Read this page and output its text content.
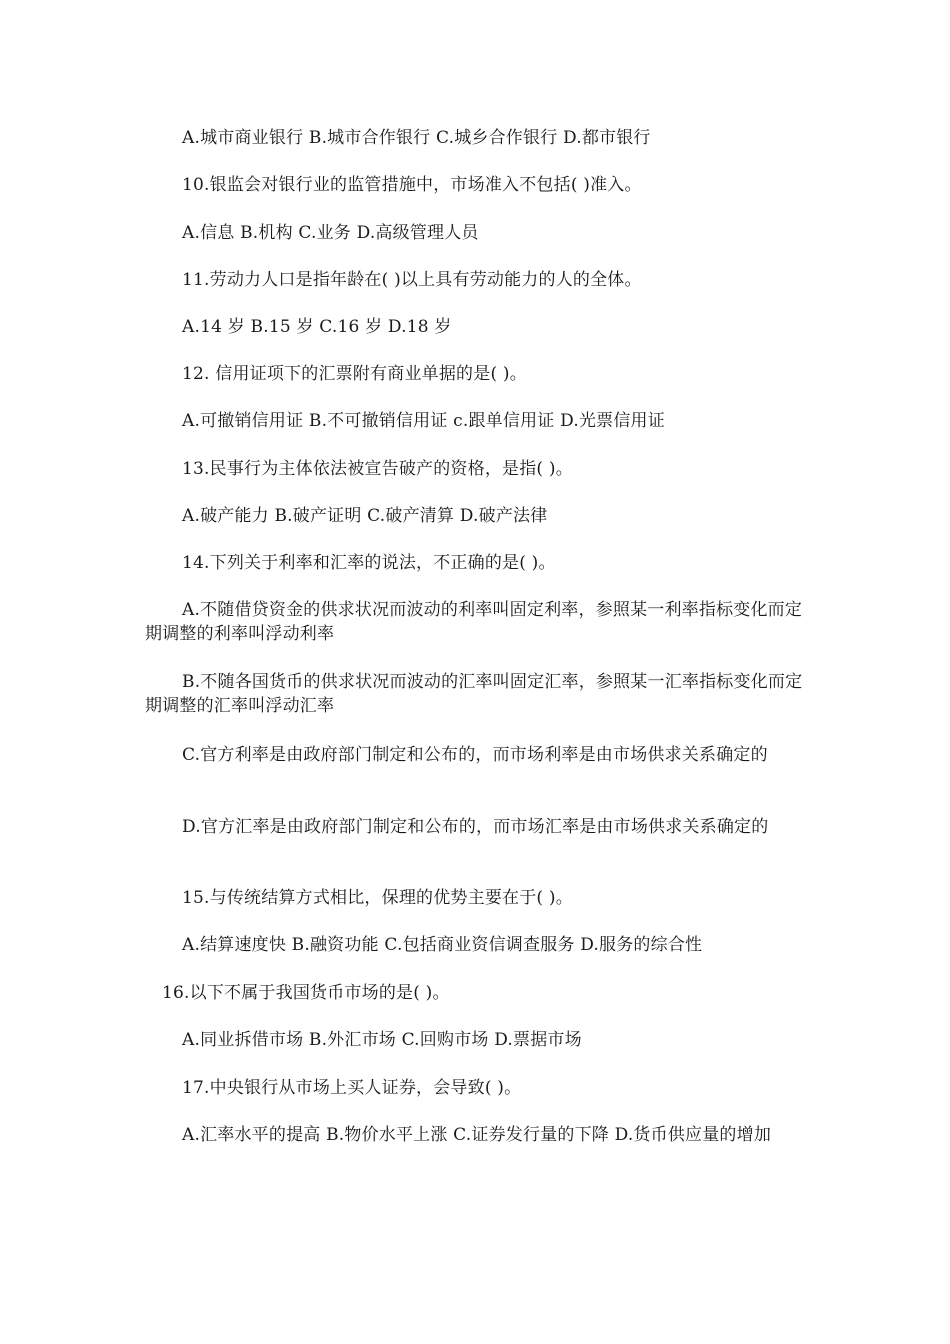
A.城市商业银行 B.城市合作银行 C.城乡合作银行 D.都市银行
10.银监会对银行业的监管措施中，市场准入不包括( )准入。
A.信息 B.机构 C.业务 D.高级管理人员
11.劳动力人口是指年龄在( )以上具有劳动能力的人的全体。
A.14 岁 B.15 岁 C.16 岁 D.18 岁
12. 信用证项下的汇票附有商业单据的是( )。
A.可撤销信用证 B.不可撤销信用证 c.跟单信用证 D.光票信用证
13.民事行为主体依法被宣告破产的资格，是指( )。
A.破产能力 B.破产证明 C.破产清算 D.破产法律
14.下列关于利率和汇率的说法，不正确的是( )。
A.不随借贷资金的供求状况而波动的利率叫固定利率，参照某一利率指标变化而定期调整的利率叫浮动利率
B.不随各国货币的供求状况而波动的汇率叫固定汇率，参照某一汇率指标变化而定期调整的汇率叫浮动汇率
C.官方利率是由政府部门制定和公布的，而市场利率是由市场供求关系确定的
D.官方汇率是由政府部门制定和公布的，而市场汇率是由市场供求关系确定的
15.与传统结算方式相比，保理的优势主要在于( )。
A.结算速度快 B.融资功能 C.包括商业资信调查服务 D.服务的综合性
16.以下不属于我国货币市场的是( )。
A.同业拆借市场 B.外汇市场 C.回购市场 D.票据市场
17.中央银行从市场上买人证券，会导致( )。
A.汇率水平的提高 B.物价水平上涨 C.证券发行量的下降 D.货币供应量的增加
